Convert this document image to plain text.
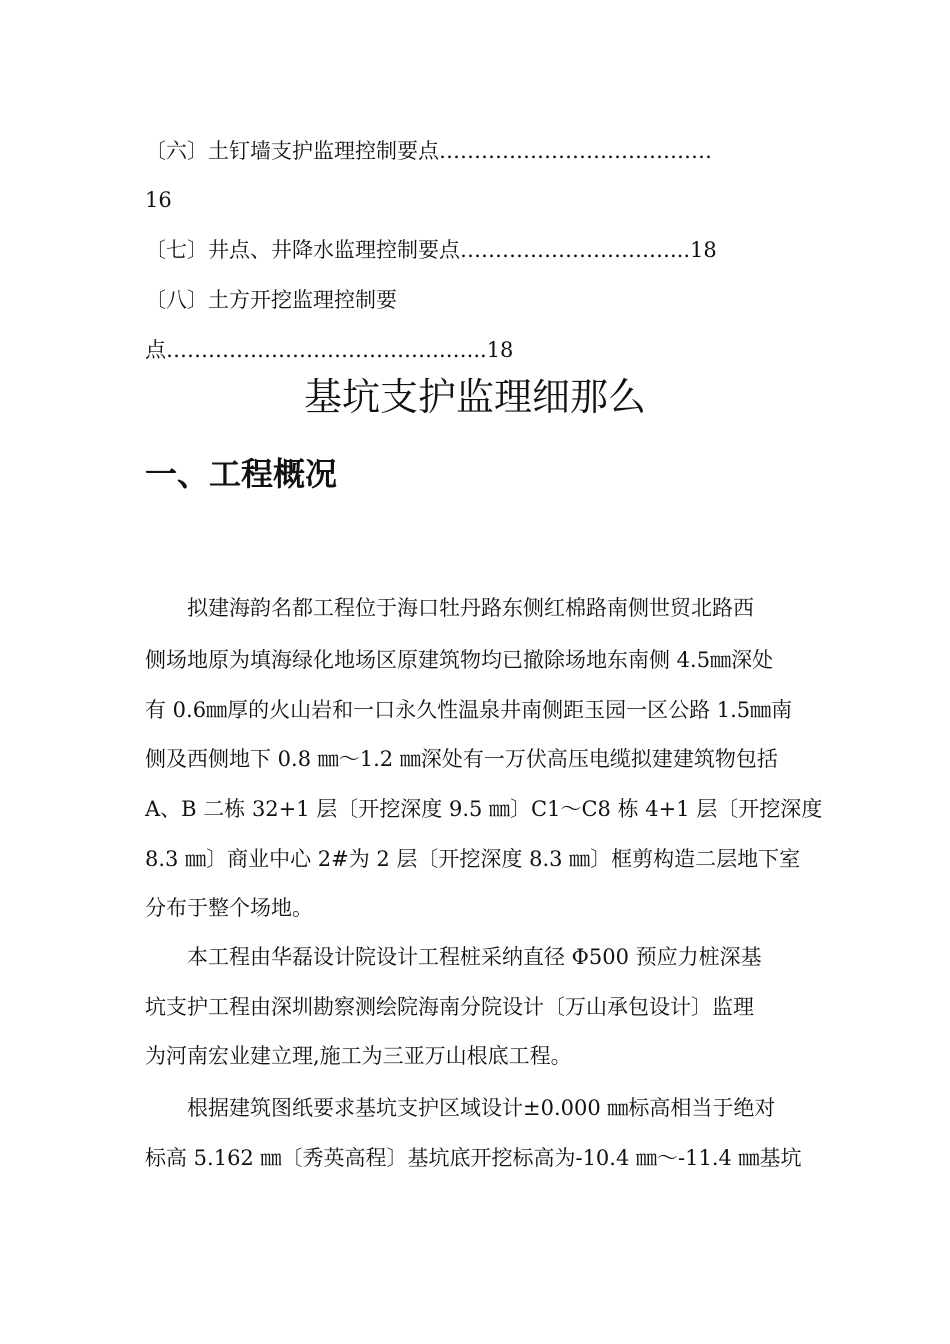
〔六〕土钉墙支护监理控制要点…………………………………
16
〔七〕井点、井降水监理控制要点…………………………...18
〔八〕土方开挖监理控制要
点………………………………….…...18
基坑支护监理细那么
一、工程概况
　　拟建海韵名都工程位于海口牡丹路东侧红棉路南侧世贸北路西
侧场地原为填海绿化地场区原建筑物均已撤除场地东南侧 4.5㎜深处
有 0.6㎜厚的火山岩和一口永久性温泉井南侧距玉园一区公路 1.5㎜南
侧及西侧地下 0.8 ㎜～1.2 ㎜深处有一万伏高压电缆拟建建筑物包括
A、B 二栋 32+1 层〔开挖深度 9.5 ㎜〕C1～C8 栋 4+1 层〔开挖深度
8.3 ㎜〕商业中心 2#为 2 层〔开挖深度 8.3 ㎜〕框剪构造二层地下室
分布于整个场地。
　　本工程由华磊设计院设计工程桩采纳直径 Φ500 预应力桩深基
坑支护工程由深圳勘察测绘院海南分院设计〔万山承包设计〕监理
为河南宏业建立理,施工为三亚万山根底工程。
　　根据建筑图纸要求基坑支护区域设计±0.000 ㎜标高相当于绝对
标高 5.162 ㎜〔秀英高程〕基坑底开挖标高为-10.4 ㎜～-11.4 ㎜基坑
